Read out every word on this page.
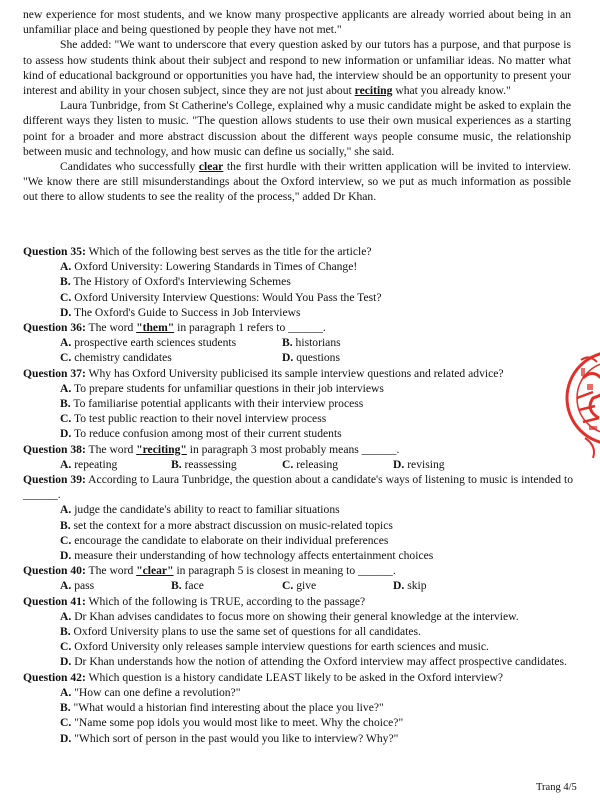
new experience for most students, and we know many prospective applicants are already worried about being in an unfamiliar place and being questioned by people they have not met."

She added: "We want to underscore that every question asked by our tutors has a purpose, and that purpose is to assess how students think about their subject and respond to new information or unfamiliar ideas. No matter what kind of educational background or opportunities you have had, the interview should be an opportunity to present your interest and ability in your chosen subject, since they are not just about reciting what you already know."

Laura Tunbridge, from St Catherine's College, explained why a music candidate might be asked to explain the different ways they listen to music. "The question allows students to use their own musical experiences as a starting point for a broader and more abstract discussion about the different ways people consume music, the relationship between music and technology, and how music can define us socially," she said.

Candidates who successfully clear the first hurdle with their written application will be invited to interview. "We know there are still misunderstandings about the Oxford interview, so we put as much information as possible out there to allow students to see the reality of the process," added Dr Khan.

Question 35: Which of the following best serves as the title for the article?

A. Oxford University: Lowering Standards in Times of Change!

B. The History of Oxford's Interviewing Schemes

C. Oxford University Interview Questions: Would You Pass the Test?

D. The Oxford's Guide to Success in Job Interviews

Question 36: The word "them" in paragraph 1 refers to ______.

A. prospective earth sciences students	B. historians
C. chemistry candidates	D. questions

Question 37: Why has Oxford University publicised its sample interview questions and related advice?

A. To prepare students for unfamiliar questions in their job interviews

B. To familiarise potential applicants with their interview process

C. To test public reaction to their novel interview process

D. To reduce confusion among most of their current students

Question 38: The word "reciting" in paragraph 3 most probably means ______.

A. repeating	B. reassessing	C. releasing	D. revising

Question 39: According to Laura Tunbridge, the question about a candidate's ways of listening to music is intended to ______.

A. judge the candidate's ability to react to familiar situations

B. set the context for a more abstract discussion on music-related topics

C. encourage the candidate to elaborate on their individual preferences

D. measure their understanding of how technology affects entertainment choices

Question 40: The word "clear" in paragraph 5 is closest in meaning to ______.

A. pass	B. face	C. give	D. skip

Question 41: Which of the following is TRUE, according to the passage?

A. Dr Khan advises candidates to focus more on showing their general knowledge at the interview.

B. Oxford University plans to use the same set of questions for all candidates.

C. Oxford University only releases sample interview questions for earth sciences and music.

D. Dr Khan understands how the notion of attending the Oxford interview may affect prospective candidates.

Question 42: Which question is a history candidate LEAST likely to be asked in the Oxford interview?

A. "How can one define a revolution?"

B. "What would a historian find interesting about the place you live?"

C. "Name some pop idols you would most like to meet. Why the choice?"

D. "Which sort of person in the past would you like to interview? Why?"

Trang 4/5
